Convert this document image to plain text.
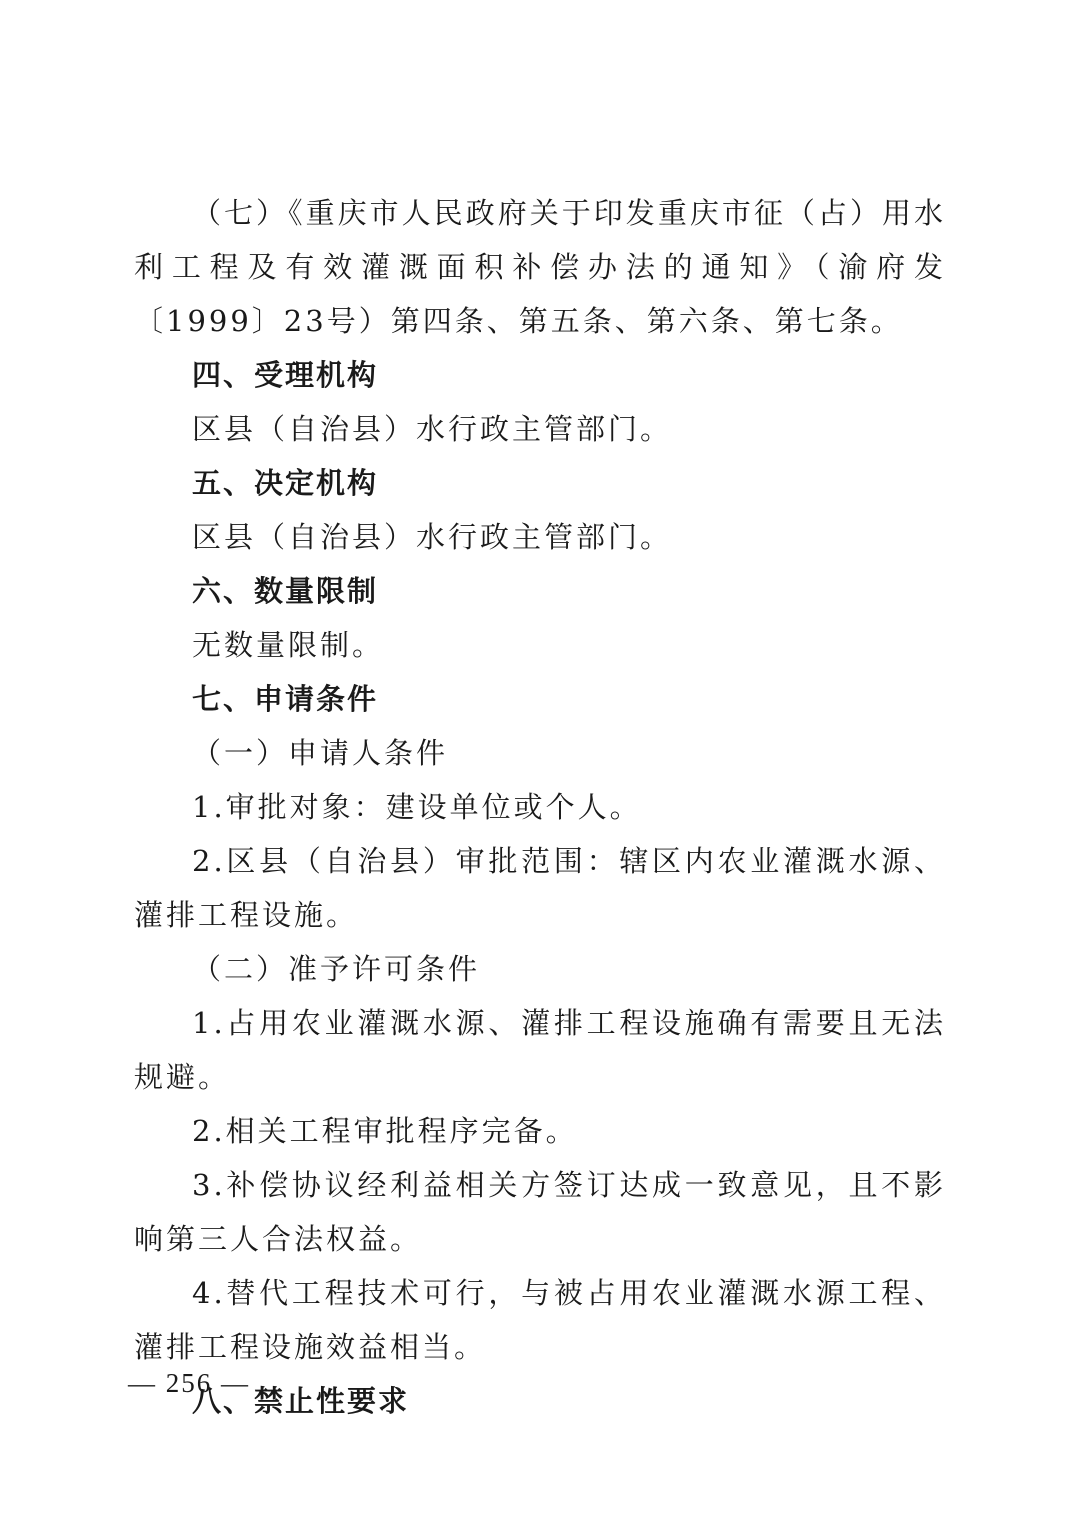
（七）《重庆市人民政府关于印发重庆市征（占）用水利工程及有效灌溉面积补偿办法的通知》（渝府发〔1999〕23号）第四条、第五条、第六条、第七条。

四、受理机构

区县（自治县）水行政主管部门。

五、决定机构

区县（自治县）水行政主管部门。

六、数量限制

无数量限制。

七、申请条件

（一）申请人条件

1.审批对象：建设单位或个人。

2.区县（自治县）审批范围：辖区内农业灌溉水源、灌排工程设施。

（二）准予许可条件

1.占用农业灌溉水源、灌排工程设施确有需要且无法规避。

2.相关工程审批程序完备。

3.补偿协议经利益相关方签订达成一致意见，且不影响第三人合法权益。

4.替代工程技术可行，与被占用农业灌溉水源工程、灌排工程设施效益相当。

八、禁止性要求

— 256 —
